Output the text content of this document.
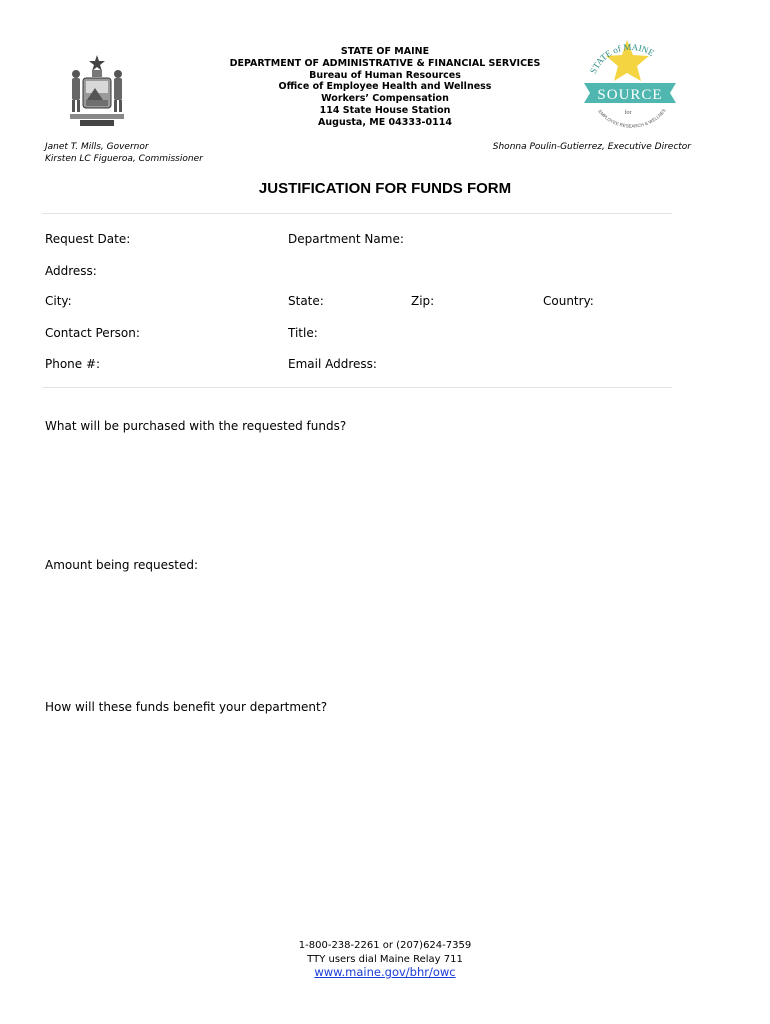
STATE OF MAINE
DEPARTMENT OF ADMINISTRATIVE & FINANCIAL SERVICES
Bureau of Human Resources
Office of Employee Health and Wellness
Workers’ Compensation
114 State House Station
Augusta, ME 04333-0114
STATE of MAINE
SOURCE
for
EMPLOYEE RESEARCH & WELLNES
Janet T. Mills, Governor
Kirsten LC Figueroa, Commissioner
Shonna Poulin-Gutierrez, Executive Director
JUSTIFICATION FOR FUNDS FORM
Request Date:	Department Name:
Address:
City:	State:	Zip:	Country:
Contact Person:	Title:
Phone #:	Email Address:
What will be purchased with the requested funds?
Amount being requested:
How will these funds benefit your department?
1-800-238-2261 or (207)624-7359
TTY users dial Maine Relay 711
www.maine.gov/bhr/owc
